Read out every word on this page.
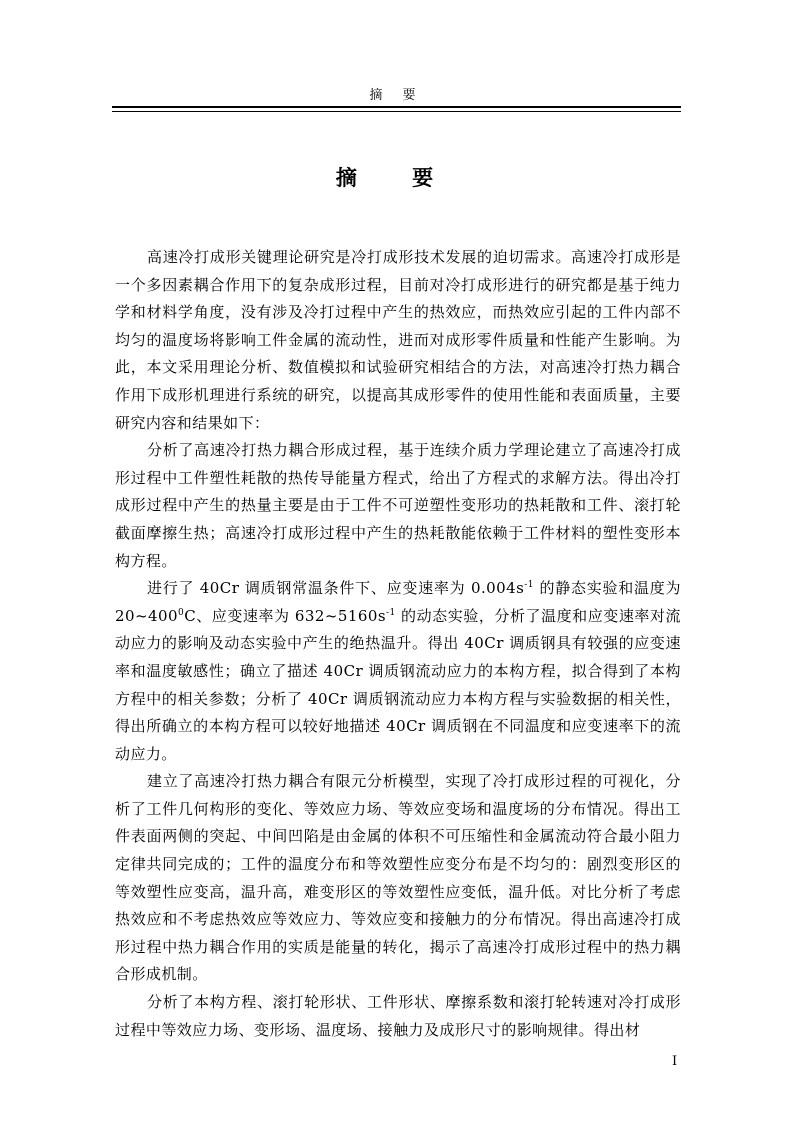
摘 要
摘 要

高速冷打成形关键理论研究是冷打成形技术发展的迫切需求。高速冷打成形是一个多因素耦合作用下的复杂成形过程，目前对冷打成形进行的研究都是基于纯力学和材料学角度，没有涉及冷打过程中产生的热效应，而热效应引起的工件内部不均匀的温度场将影响工件金属的流动性，进而对成形零件质量和性能产生影响。为此，本文采用理论分析、数值模拟和试验研究相结合的方法，对高速冷打热力耦合作用下成形机理进行系统的研究，以提高其成形零件的使用性能和表面质量，主要研究内容和结果如下：

分析了高速冷打热力耦合形成过程，基于连续介质力学理论建立了高速冷打成形过程中工件塑性耗散的热传导能量方程式，给出了方程式的求解方法。得出冷打成形过程中产生的热量主要是由于工件不可逆塑性变形功的热耗散和工件、滚打轮截面摩擦生热；高速冷打成形过程中产生的热耗散能依赖于工件材料的塑性变形本构方程。

进行了 40Cr 调质钢常温条件下、应变速率为 $0.004s^{-1}$ 的静态实验和温度为 $20\sim 400^0C$、应变速率为 $632\sim 5160s^{-1}$ 的动态实验，分析了温度和应变速率对流动应力的影响及动态实验中产生的绝热温升。得出 40Cr 调质钢具有较强的应变速率和温度敏感性；确立了描述 40Cr 调质钢流动应力的本构方程，拟合得到了本构方程中的相关参数；分析了 40Cr 调质钢流动应力本构方程与实验数据的相关性，得出所确立的本构方程可以较好地描述 40Cr 调质钢在不同温度和应变速率下的流动应力。

建立了高速冷打热力耦合有限元分析模型，实现了冷打成形过程的可视化，分析了工件几何构形的变化、等效应力场、等效应变场和温度场的分布情况。得出工件表面两侧的突起、中间凹陷是由金属的体积不可压缩性和金属流动符合最小阻力定律共同完成的；工件的温度分布和等效塑性应变分布是不均匀的：剧烈变形区的等效塑性应变高，温升高，难变形区的等效塑性应变低，温升低。对比分析了考虑热效应和不考虑热效应等效应力、等效应变和接触力的分布情况。得出高速冷打成形过程中热力耦合作用的实质是能量的转化，揭示了高速冷打成形过程中的热力耦合形成机制。

分析了本构方程、滚打轮形状、工件形状、摩擦系数和滚打轮转速对冷打成形过程中等效应力场、变形场、温度场、接触力及成形尺寸的影响规律。得出材

I
